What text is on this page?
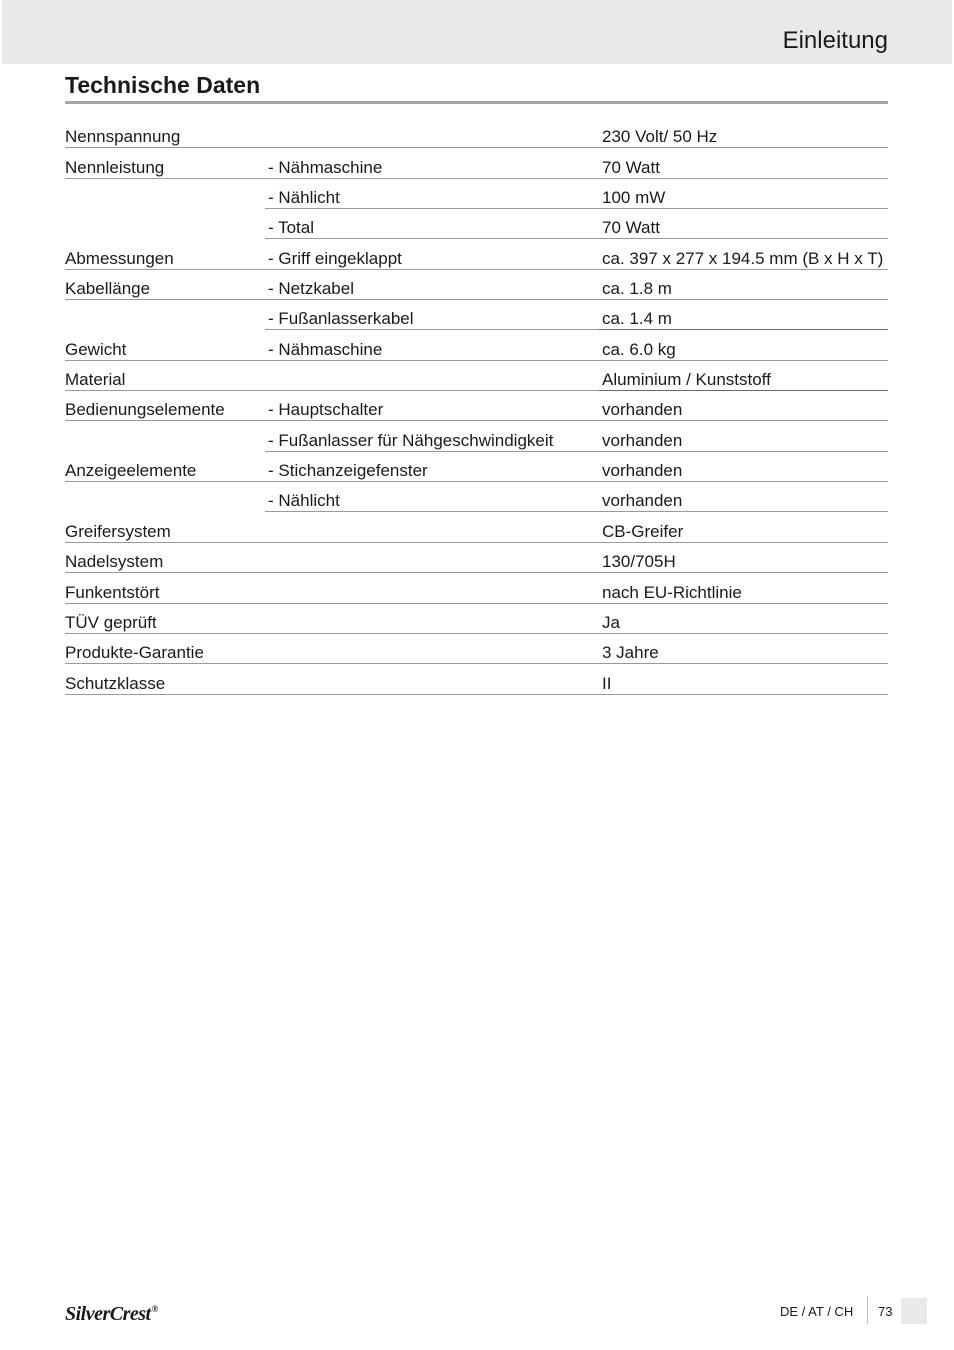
Einleitung
Technische Daten
Nennspannung	230 Volt/ 50 Hz
Nennleistung	- Nähmaschine	70 Watt
- Nählicht	100 mW
- Total	70 Watt
Abmessungen	- Griff eingeklappt	ca. 397 x 277 x 194.5 mm (B x H x T)
Kabellänge	- Netzkabel	ca. 1.8 m
- Fußanlasserkabel	ca. 1.4 m
Gewicht	- Nähmaschine	ca. 6.0 kg
Material	Aluminium / Kunststoff
Bedienungselemente	- Hauptschalter	vorhanden
- Fußanlasser für Nähgeschwindigkeit	vorhanden
Anzeigeelemente	- Stichanzeigefenster	vorhanden
- Nählicht	vorhanden
Greifersystem	CB-Greifer
Nadelsystem	130/705H
Funkentstört	nach EU-Richtlinie
TÜV geprüft	Ja
Produkte-Garantie	3 Jahre
Schutzklasse	II
SilverCrest®	DE / AT / CH 73
